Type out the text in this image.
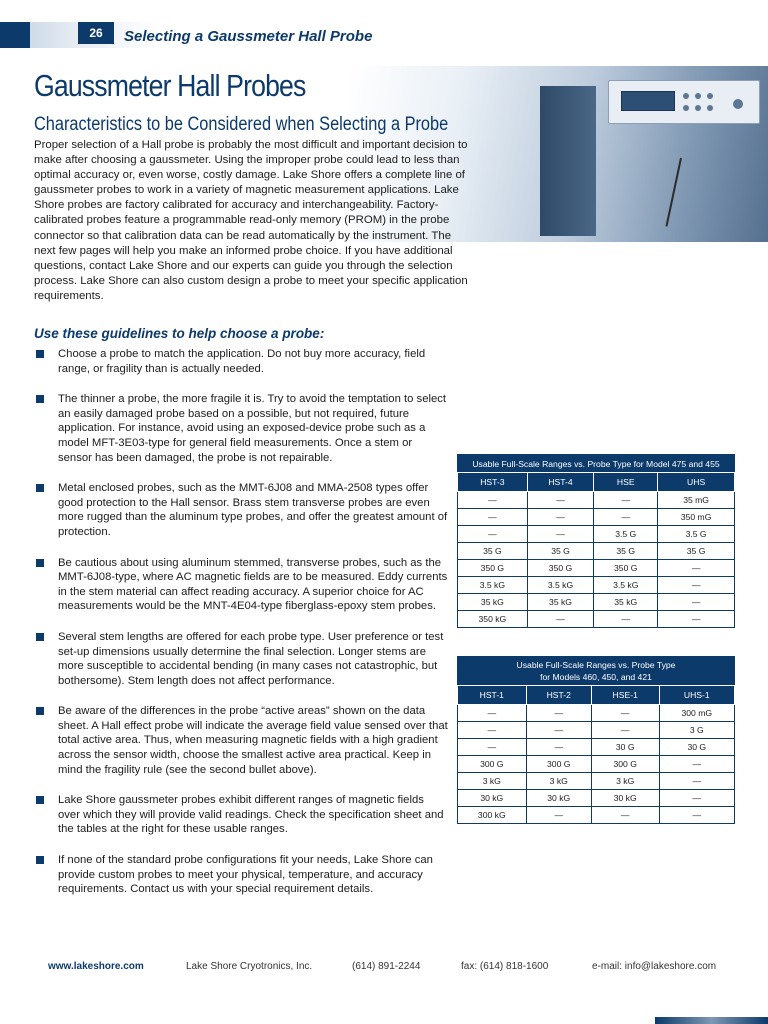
26	Selecting a Gaussmeter Hall Probe
Gaussmeter Hall Probes
Characteristics to be Considered when Selecting a Probe
Proper selection of a Hall probe is probably the most difficult and important decision to make after choosing a gaussmeter. Using the improper probe could lead to less than optimal accuracy or, even worse, costly damage. Lake Shore offers a complete line of gaussmeter probes to work in a variety of magnetic measurement applications. Lake Shore probes are factory calibrated for accuracy and interchangeability. Factory-calibrated probes feature a programmable read-only memory (PROM) in the probe connector so that calibration data can be read automatically by the instrument. The next few pages will help you make an informed probe choice. If you have additional questions, contact Lake Shore and our experts can guide you through the selection process. Lake Shore can also custom design a probe to meet your specific application requirements.
Use these guidelines to help choose a probe:
Choose a probe to match the application. Do not buy more accuracy, field range, or fragility than is actually needed.
The thinner a probe, the more fragile it is. Try to avoid the temptation to select an easily damaged probe based on a possible, but not required, future application. For instance, avoid using an exposed-device probe such as a model MFT-3E03-type for general field measurements. Once a stem or sensor has been damaged, the probe is not repairable.
Metal enclosed probes, such as the MMT-6J08 and MMA-2508 types offer good protection to the Hall sensor. Brass stem transverse probes are even more rugged than the aluminum type probes, and offer the greatest amount of protection.
Be cautious about using aluminum stemmed, transverse probes, such as the MMT-6J08-type, where AC magnetic fields are to be measured. Eddy currents in the stem material can affect reading accuracy. A superior choice for AC measurements would be the MNT-4E04-type fiberglass-epoxy stem probes.
Several stem lengths are offered for each probe type. User preference or test set-up dimensions usually determine the final selection. Longer stems are more susceptible to accidental bending (in many cases not catastrophic, but bothersome). Stem length does not affect performance.
Be aware of the differences in the probe “active areas” shown on the data sheet. A Hall effect probe will indicate the average field value sensed over that total active area. Thus, when measuring magnetic fields with a high gradient across the sensor width, choose the smallest active area practical. Keep in mind the fragility rule (see the second bullet above).
Lake Shore gaussmeter probes exhibit different ranges of magnetic fields over which they will provide valid readings. Check the specification sheet and the tables at the right for these usable ranges.
If none of the standard probe configurations fit your needs, Lake Shore can provide custom probes to meet your physical, temperature, and accuracy requirements. Contact us with your special requirement details.
Usable Full-Scale Ranges vs. Probe Type for Model 475 and 455			
HST-3	HST-4	HSE	UHS
—	—	—	35 mG
—	—	—	350 mG
—	—	3.5 G	3.5 G
35 G	35 G	35 G	35 G
350 G	350 G	350 G	—
3.5 kG	3.5 kG	3.5 kG	—
35 kG	35 kG	35 kG	—
350 kG	—	—	—
Usable Full-Scale Ranges vs. Probe Type
for Models 460, 450, and 421			
HST-1	HST-2	HSE-1	UHS-1
—	—	—	300 mG
—	—	—	3 G
—	—	30 G	30 G
300 G	300 G	300 G	—
3 kG	3 kG	3 kG	—
30 kG	30 kG	30 kG	—
300 kG	—	—	—
www.lakeshore.com	Lake Shore Cryotronics, Inc.	(614) 891-2244	fax: (614) 818-1600	e-mail: info@lakeshore.com
